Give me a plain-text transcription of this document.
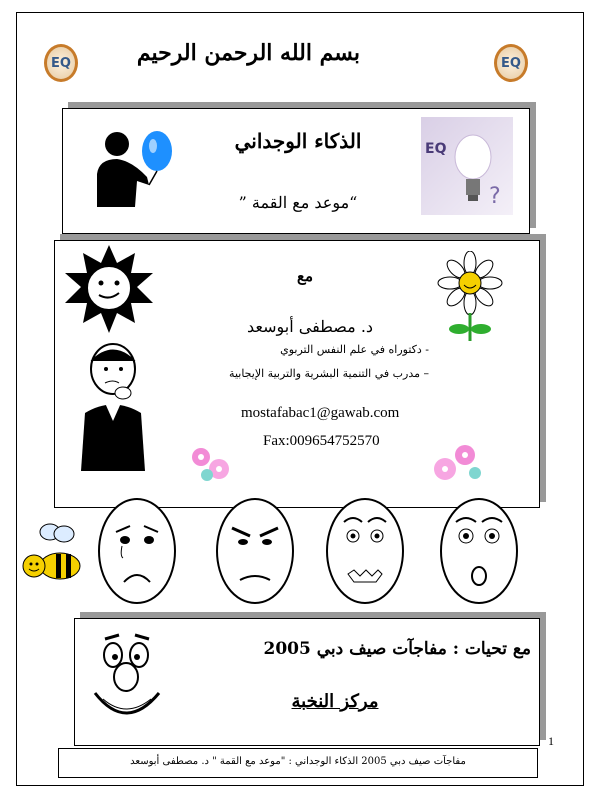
EQ	EQ
بسم الله الرحمن الرحيم
الذكاء الوجداني
“موعد مع القمة ”
EQ
?
مع
د. مصطفى أبوسعد
- دكتوراه في علم النفس التربوي
– مدرب في التنمية البشرية والتربية الإيجابية
mostafabac1@gawab.com
Fax:009654752570
مع تحيات : مفاجآت صيف دبي 2005
مركز النخبة
1
مفاجآت صيف دبي 2005 الذكاء الوجداني : "موعد مع القمة " د. مصطفى أبوسعد
